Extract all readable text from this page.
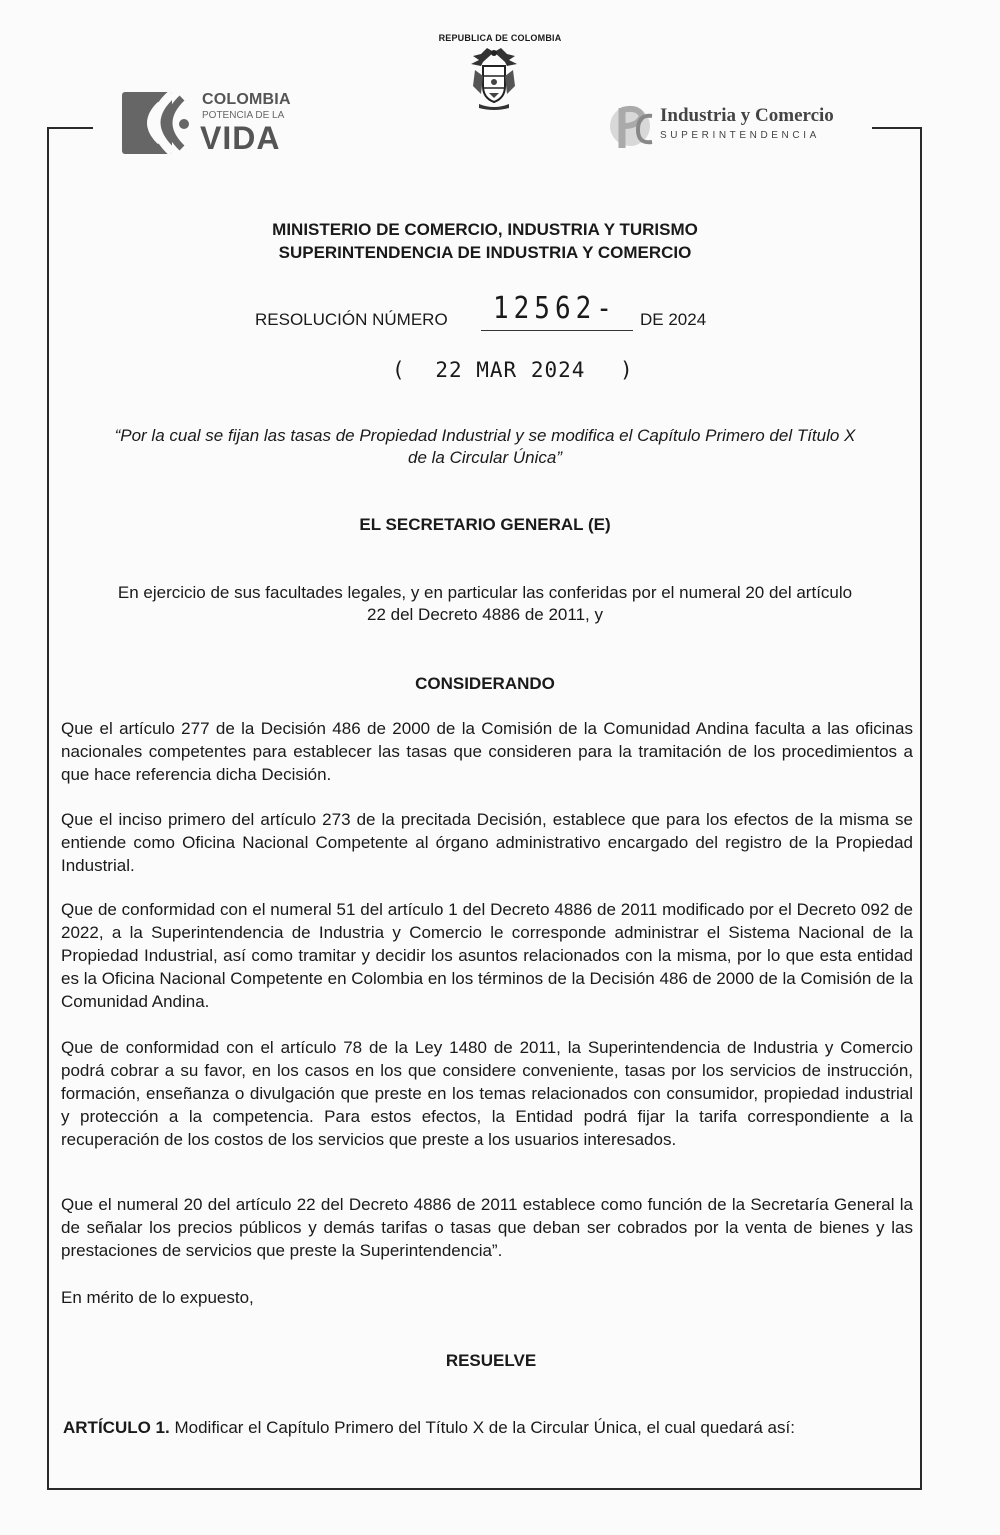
REPUBLICA DE COLOMBIA
COLOMBIA
POTENCIA DE LA
VIDA
Industria y Comercio
SUPERINTENDENCIA
MINISTERIO DE COMERCIO, INDUSTRIA Y TURISMO
SUPERINTENDENCIA DE INDUSTRIA Y COMERCIO
RESOLUCIÓN NÚMERO 12562- DE 2024
( 22 MAR 2024 )
“Por la cual se fijan las tasas de Propiedad Industrial y se modifica el Capítulo Primero del Título X
de la Circular Única”
EL SECRETARIO GENERAL (E)
En ejercicio de sus facultades legales, y en particular las conferidas por el numeral 20 del artículo
22 del Decreto 4886 de 2011, y
CONSIDERANDO
Que el artículo 277 de la Decisión 486 de 2000 de la Comisión de la Comunidad Andina faculta a las oficinas nacionales competentes para establecer las tasas que consideren para la tramitación de los procedimientos a que hace referencia dicha Decisión.
Que el inciso primero del artículo 273 de la precitada Decisión, establece que para los efectos de la misma se entiende como Oficina Nacional Competente al órgano administrativo encargado del registro de la Propiedad Industrial.
Que de conformidad con el numeral 51 del artículo 1 del Decreto 4886 de 2011 modificado por el Decreto 092 de 2022, a la Superintendencia de Industria y Comercio le corresponde administrar el Sistema Nacional de la Propiedad Industrial, así como tramitar y decidir los asuntos relacionados con la misma, por lo que esta entidad es la Oficina Nacional Competente en Colombia en los términos de la Decisión 486 de 2000 de la Comisión de la Comunidad Andina.
Que de conformidad con el artículo 78 de la Ley 1480 de 2011, la Superintendencia de Industria y Comercio podrá cobrar a su favor, en los casos en los que considere conveniente, tasas por los servicios de instrucción, formación, enseñanza o divulgación que preste en los temas relacionados con consumidor, propiedad industrial y protección a la competencia. Para estos efectos, la Entidad podrá fijar la tarifa correspondiente a la recuperación de los costos de los servicios que preste a los usuarios interesados.
Que el numeral 20 del artículo 22 del Decreto 4886 de 2011 establece como función de la Secretaría General la de señalar los precios públicos y demás tarifas o tasas que deban ser cobrados por la venta de bienes y las prestaciones de servicios que preste la Superintendencia”.
En mérito de lo expuesto,
RESUELVE
ARTÍCULO 1. Modificar el Capítulo Primero del Título X de la Circular Única, el cual quedará así:
